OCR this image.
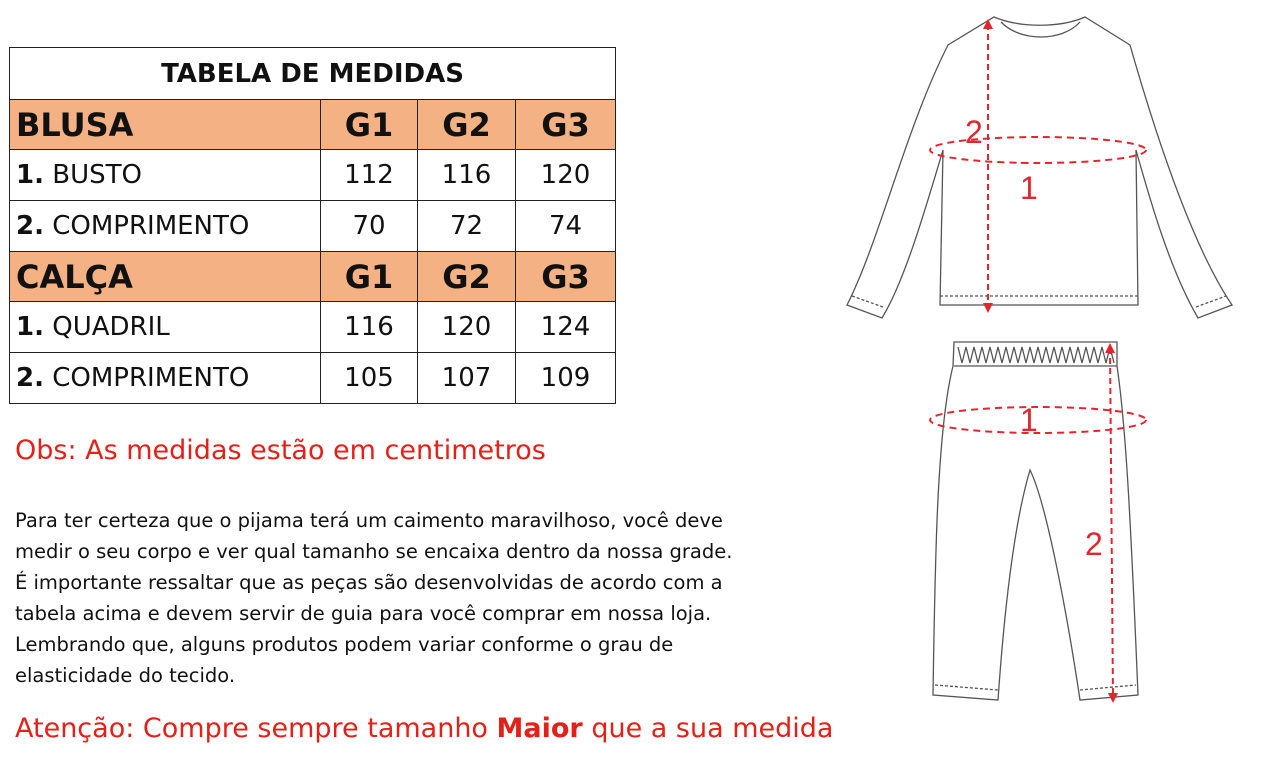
TABELA DE MEDIDAS			
BLUSA	G1	G2	G3
1. BUSTO	112	116	120
2. COMPRIMENTO	70	72	74
CALÇA	G1	G2	G3
1. QUADRIL	116	120	124
2. COMPRIMENTO	105	107	109
Obs: As medidas estão em centimetros
Para ter certeza que o pijama terá um caimento maravilhoso, você deve
medir o seu corpo e ver qual tamanho se encaixa dentro da nossa grade.
É importante ressaltar que as peças são desenvolvidas de acordo com a
tabela acima e devem servir de guia para você comprar em nossa loja.
Lembrando que, alguns produtos podem variar conforme o grau de
elasticidade do tecido.
Atenção: Compre sempre tamanho Maior que a sua medida
2
1
1
2
